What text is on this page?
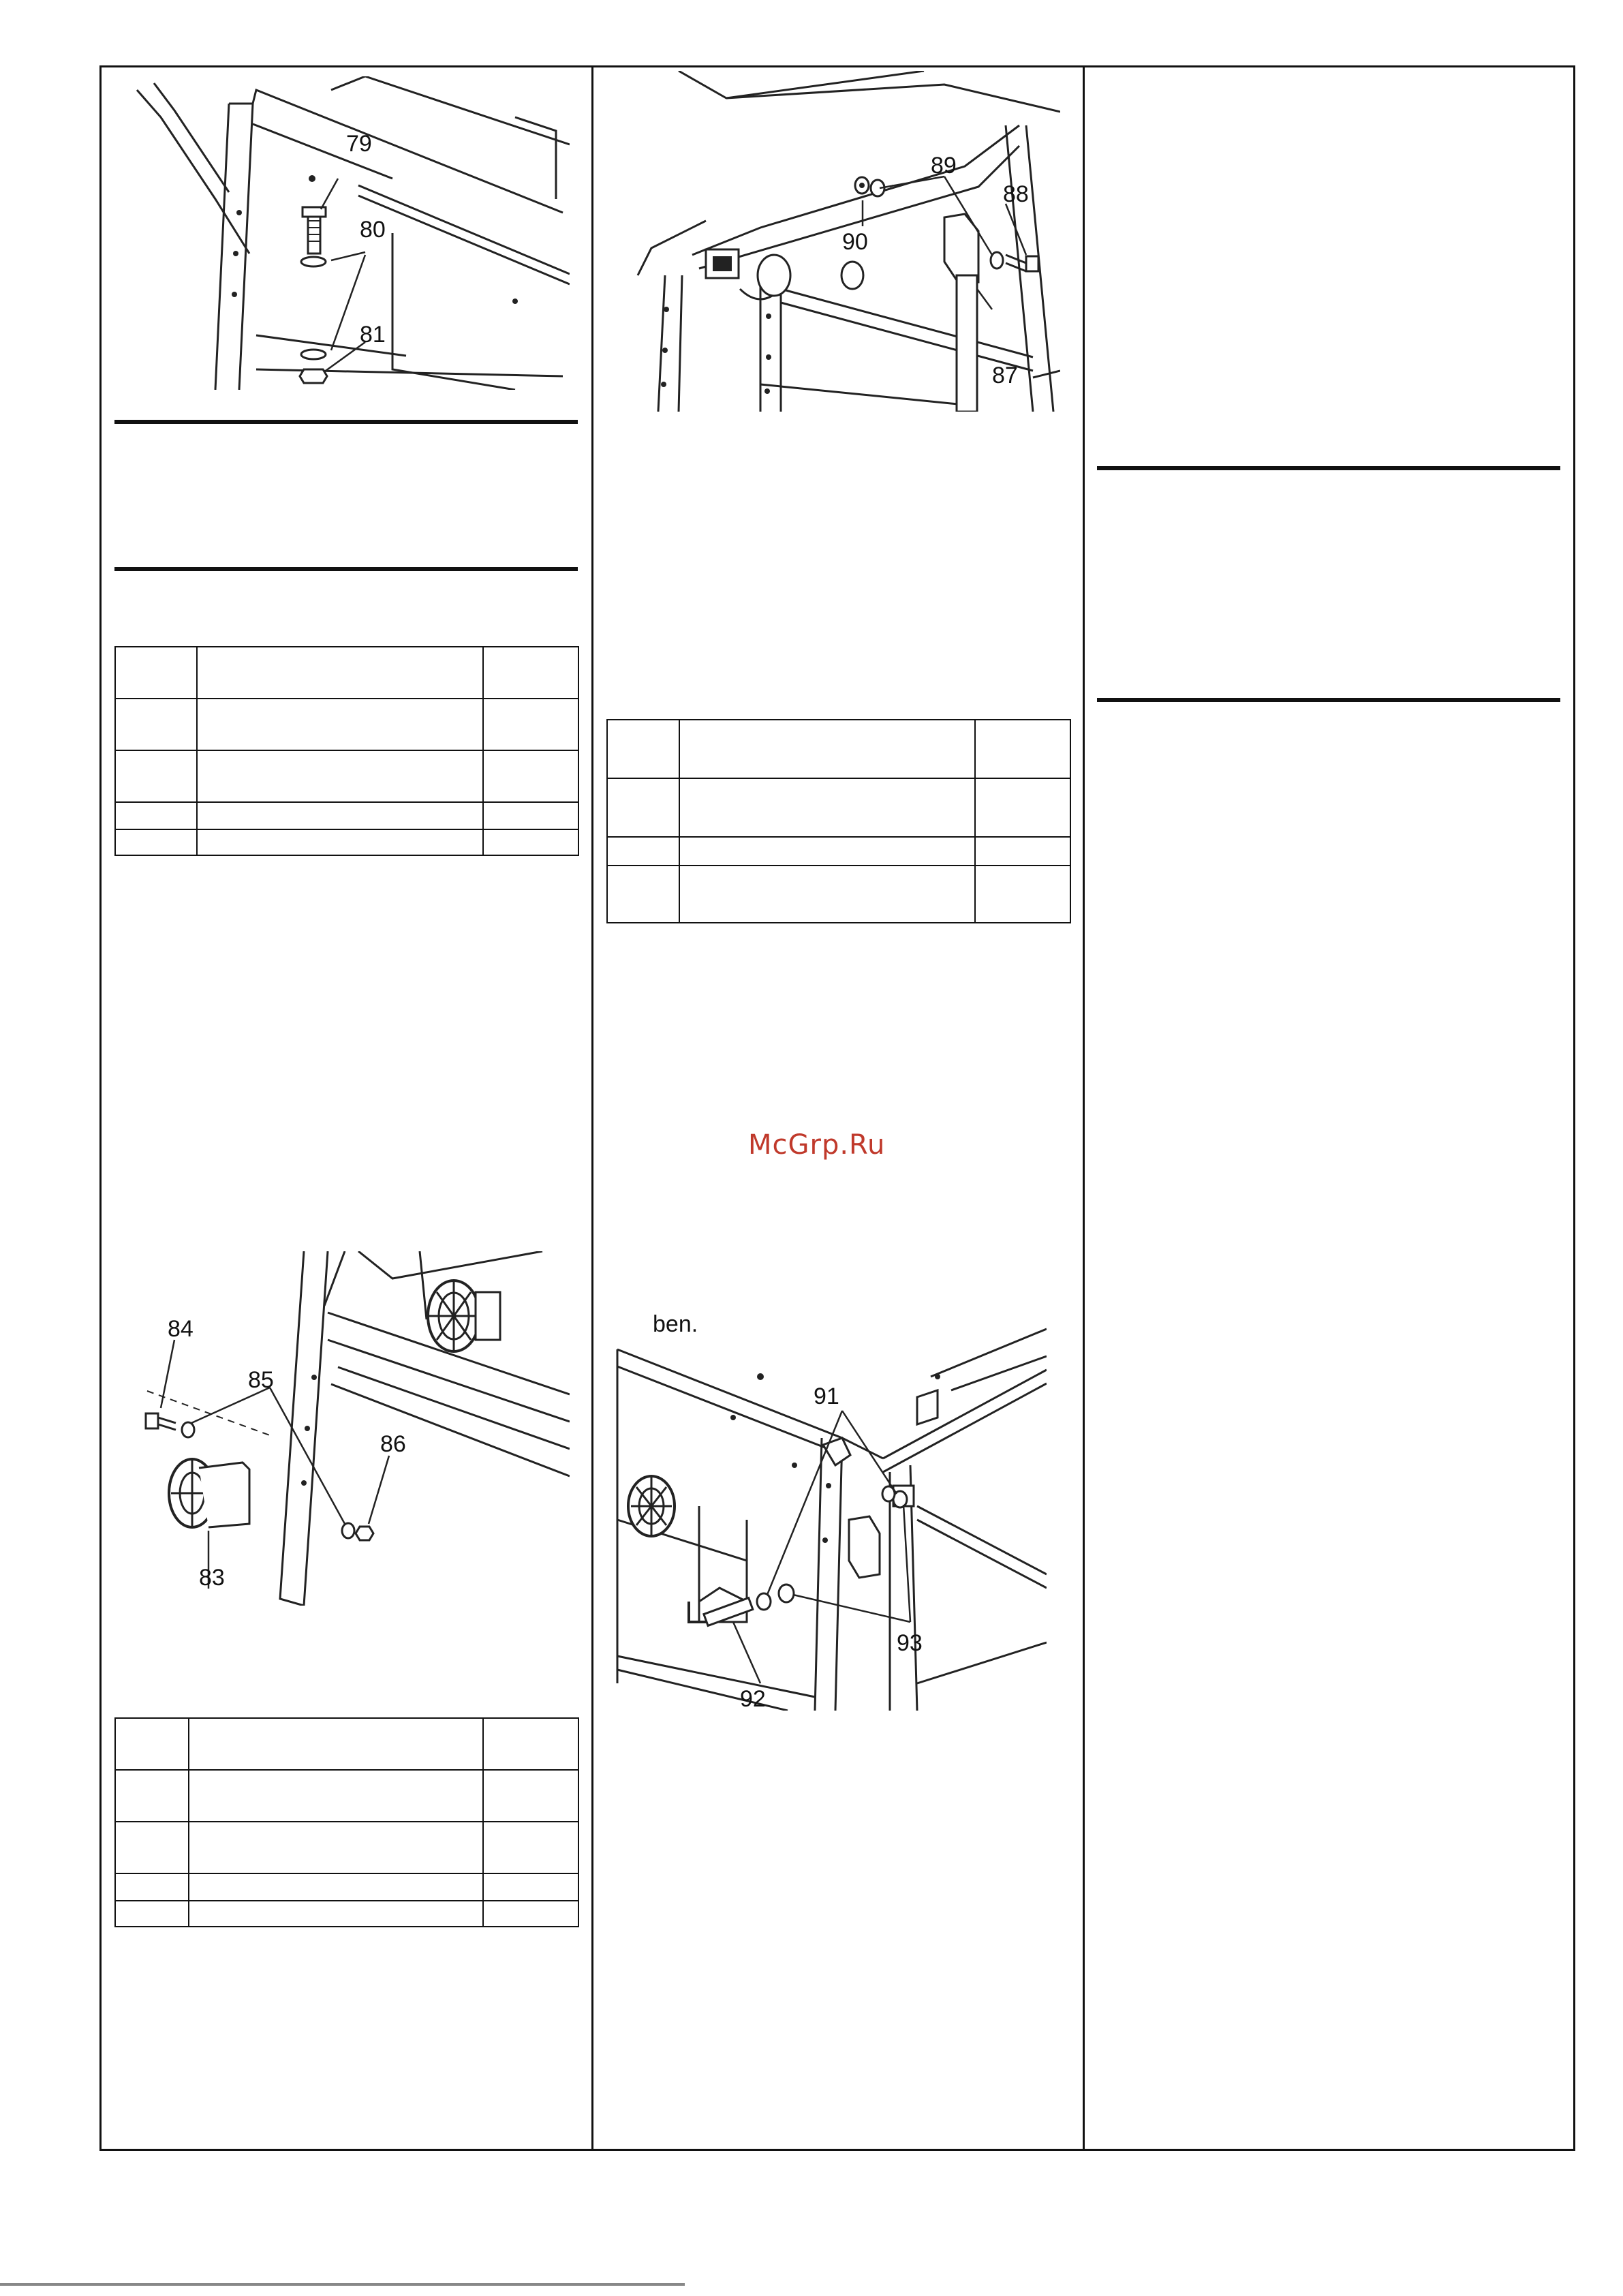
79
80
81

84
85
86
83

89
88
90
87

McGrp.Ru
ben.
91
93
92
